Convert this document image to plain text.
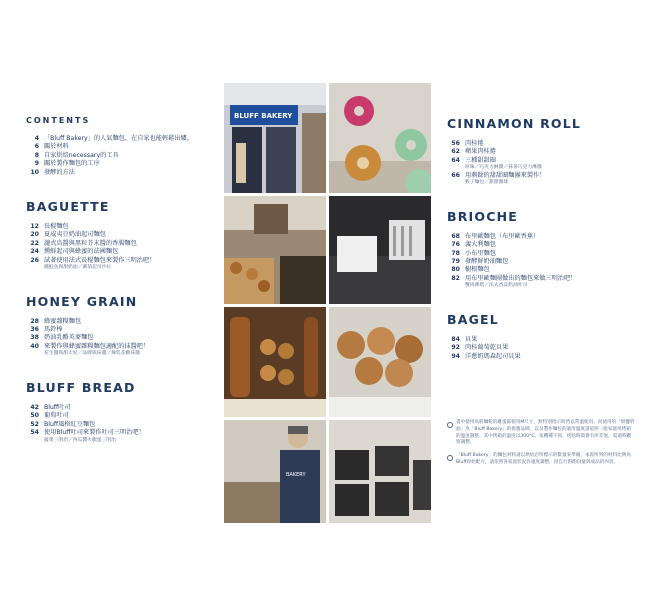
CONTENTS
4 「Bluff Bakery」的人氣麵包，在自家也能輕鬆出爐。
6 關於材料
8 自家烘焙necessary的工具
9 關於製作麵包的工序
10 發酵的方法
BAGUETTE
12 長棍麵包
20 夏威夷豆奶油起司麵包
22 瀧式烏醬與黑粒芥末醬的香腸麵包
24 燻鮮起司與蜂蜜的法國麵包
26 試著使用法式長棍麵包來製作三明治吧！
燻鮭魚與甜奶油／蕃茄起司沙拉
HONEY GRAIN
28 蜂蜜雜糧麵包
36 馬鈴棒
38 奶油乳酪英麥麵包
40 來製作與蜂蜜雜糧麵包適配的抹醬吧！
花生醬與甜太妃／品牌與抹醬／煉乳花糖抹醬
BLUFF BREAD
42 Bluff吐司
50 葡萄吐司
52 Bluff風格紅豆麵包
54 使用Bluff吐司來製作吐司三明治吧！
蔬菜三明治／西瓜醬火腿蛋三明治
BLUFF BAKERY
BAKERY
CINNAMON ROLL
56 肉桂捲
62 蘋果肉桂捲
64 三種甜甜圈
原味／巧克力淋醬／抹茶巧克力淋醬
66 用剩餘的甜甜圈麵團來製作！
猴子麵包／甜甜圈球
BRIOCHE
68 布里歐麵包（布里歐香蕉）
76 義大利麵包
78 小布里麵包
79 發酵鮮奶油麵包
80 樹根麵包
82 用布里歐麵團做出的麵包來做三明治吧！
蟹肉佛塔／法式香蒜奶油吐司
BAGEL
84 貝果
92 肉桂葡萄乾貝果
94 洋蔥奶瑪森起司貝果
書中使用高筋麵粉的雞蛋都使用M尺寸，無特別指示時皆以常溫使用。而使用的「無鹽奶油」為「Bluff Bakery」的推薦品牌，以及製作麵包的適用溫度請依照一般家庭用烤箱的溫度調整。其中烤箱的溫度以300°C、依機種不同，烤焙時間會有所差異，需適時觀察調整。
「Bluff Bakery」的麵包材料請以烘焙店所標示的數量來準備，本書所列的材料比例為Bluff原始配方，請依照各家庭狀況作適度調整，再自行斟酌份量與成品的內容。
